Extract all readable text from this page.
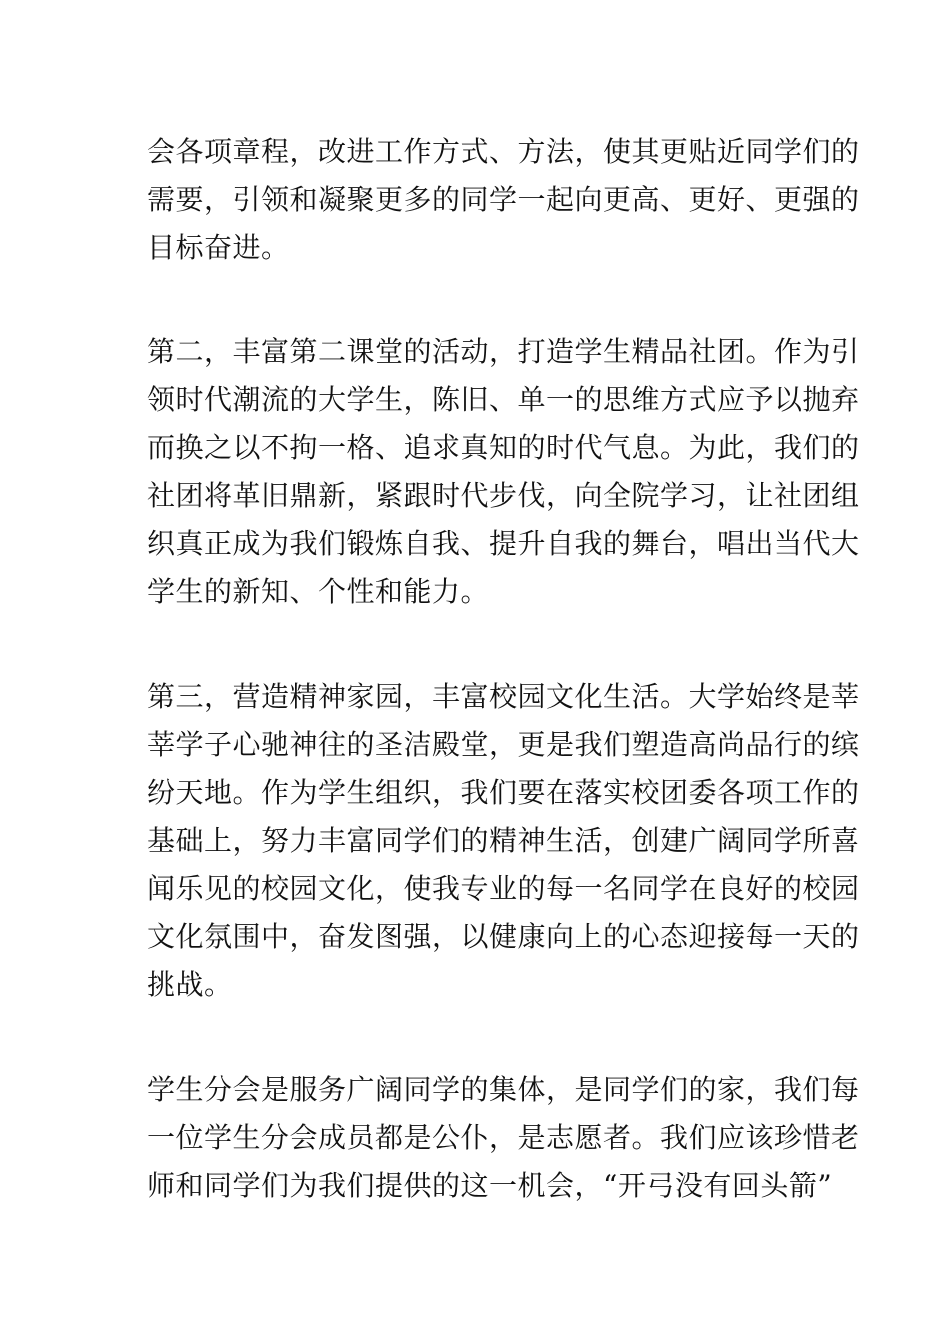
会各项章程，改进工作方式、方法，使其更贴近同学们的
需要，引领和凝聚更多的同学一起向更高、更好、更强的
目标奋进。

第二，丰富第二课堂的活动，打造学生精品社团。作为引
领时代潮流的大学生，陈旧、单一的思维方式应予以抛弃
而换之以不拘一格、追求真知的时代气息。为此，我们的
社团将革旧鼎新，紧跟时代步伐，向全院学习，让社团组
织真正成为我们锻炼自我、提升自我的舞台，唱出当代大
学生的新知、个性和能力。

第三，营造精神家园，丰富校园文化生活。大学始终是莘
莘学子心驰神往的圣洁殿堂，更是我们塑造高尚品行的缤
纷天地。作为学生组织，我们要在落实校团委各项工作的
基础上，努力丰富同学们的精神生活，创建广阔同学所喜
闻乐见的校园文化，使我专业的每一名同学在良好的校园
文化氛围中，奋发图强，以健康向上的心态迎接每一天的
挑战。

学生分会是服务广阔同学的集体，是同学们的家，我们每
一位学生分会成员都是公仆，是志愿者。我们应该珍惜老
师和同学们为我们提供的这一机会，“开弓没有回头箭”
